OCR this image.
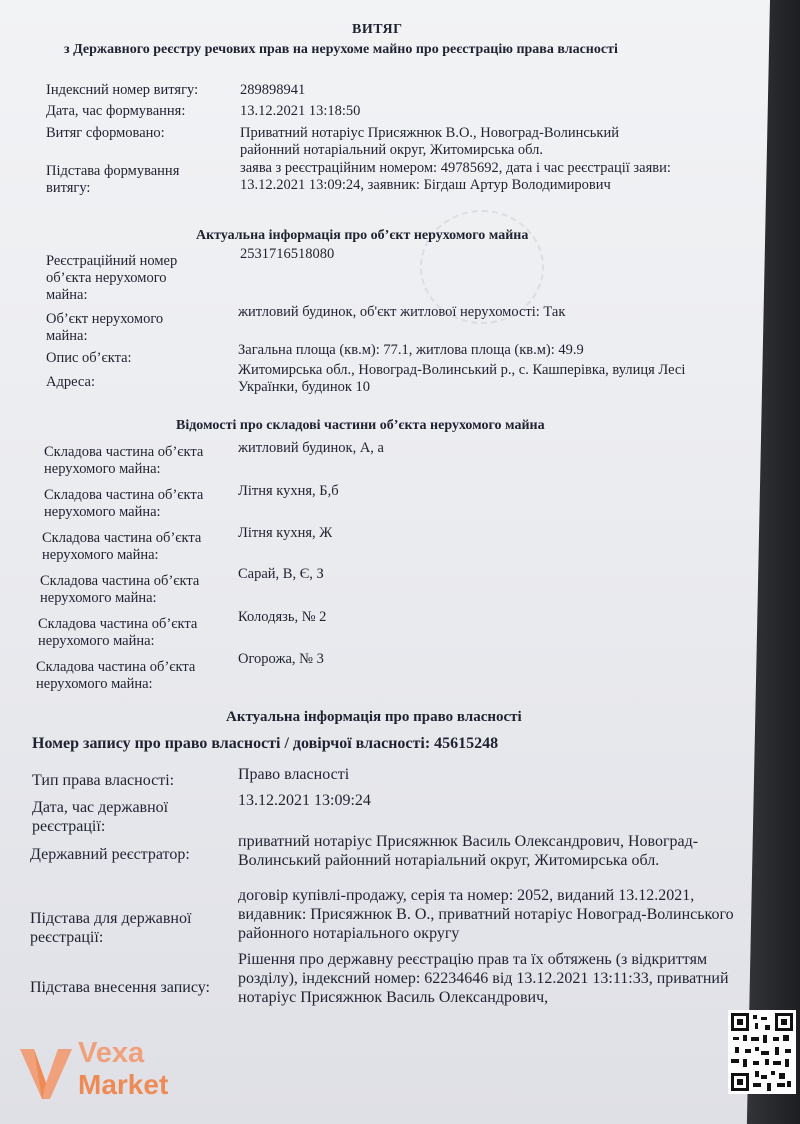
ВИТЯГ
з Державного реєстру речових прав на нерухоме майно про реєстрацію права власності
Індексний номер витягу:	289898941
Дата, час формування:	13.12.2021 13:18:50
Витяг сформовано:	Приватний нотаріус Присяжнюк В.О., Новоград-Волинський районний нотаріальний округ, Житомирська обл.
Підстава формування витягу:
заява з реєстраційним номером: 49785692, дата і час реєстрації заяви: 13.12.2021 13:09:24, заявник: Бігдаш Артур Володимирович
Актуальна інформація про об’єкт нерухомого майна
Реєстраційний номер об’єкта нерухомого майна:
2531716518080
Об’єкт нерухомого майна:
житловий будинок, об'єкт житлової нерухомості: Так
Опис об’єкта:	Загальна площа (кв.м): 77.1, житлова площа (кв.м): 49.9
Адреса:
Житомирська обл., Новоград-Волинський р., с. Кашперівка, вулиця Лесі Українки, будинок 10
Відомості про складові частини об’єкта нерухомого майна
Складова частина об’єкта нерухомого майна:
житловий будинок, А, а
Складова частина об’єкта нерухомого майна:
Літня кухня, Б,б
Складова частина об’єкта нерухомого майна:
Літня кухня, Ж
Складова частина об’єкта нерухомого майна:
Сарай, В, Є, З
Складова частина об’єкта нерухомого майна:
Колодязь, № 2
Складова частина об’єкта нерухомого майна:
Огорожа, № 3
Актуальна інформація про право власності
Номер запису про право власності / довірчої власності: 45615248
Тип права власності:	Право власності
Дата, час державної реєстрації:
13.12.2021 13:09:24
Державний реєстратор:
приватний нотаріус Присяжнюк Василь Олександрович, Новоград-Волинський районний нотаріальний округ, Житомирська обл.
Підстава для державної реєстрації:
договір купівлі-продажу, серія та номер: 2052, виданий 13.12.2021, видавник: Присяжнюк В. О., приватний нотаріус Новоград-Волинського районного нотаріального округу
Підстава внесення запису:
Рішення про державну реєстрацію прав та їх обтяжень (з відкриттям розділу), індексний номер: 62234646 від 13.12.2021 13:11:33, приватний нотаріус Присяжнюк Василь Олександрович,
Vexa
Market
